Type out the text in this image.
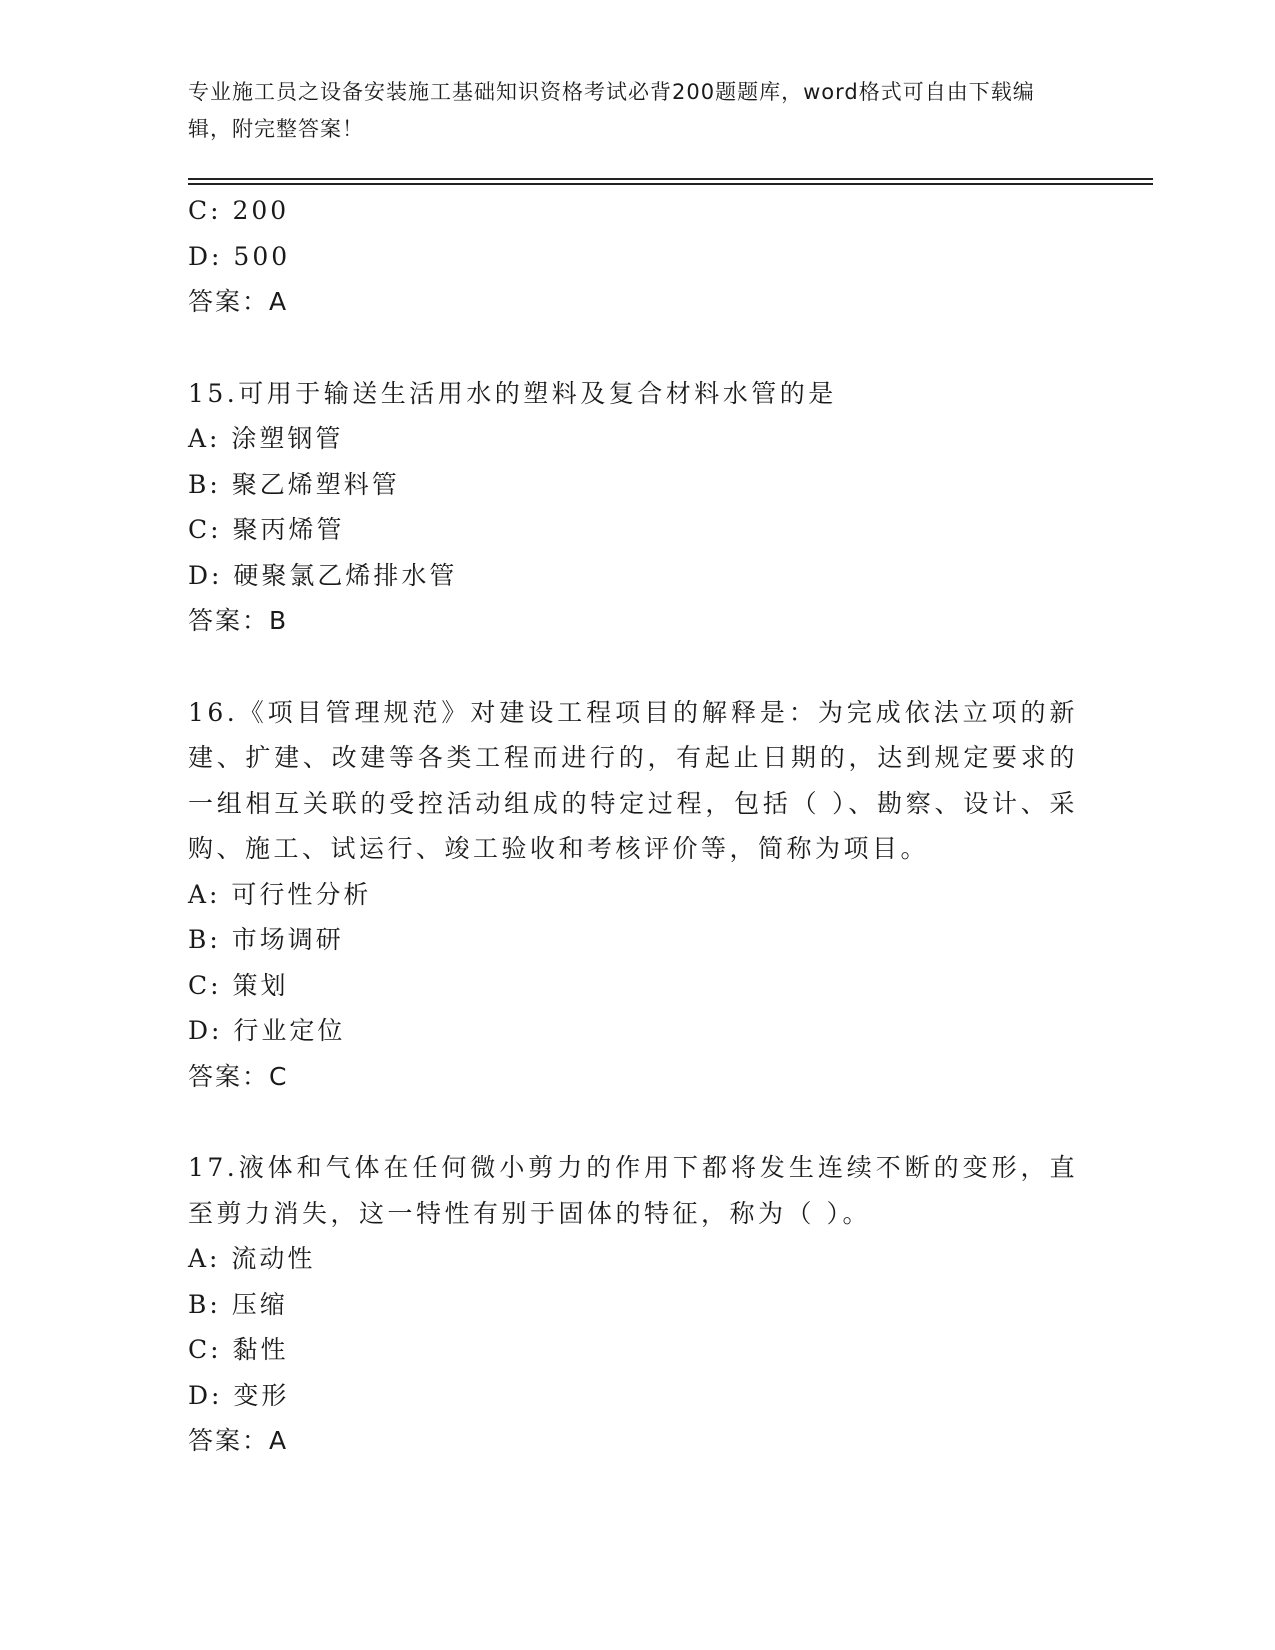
专业施工员之设备安装施工基础知识资格考试必背200题题库，word格式可自由下载编辑，附完整答案！
C: 200
D: 500
答案：A
15.可用于输送生活用水的塑料及复合材料水管的是
A: 涂塑钢管
B: 聚乙烯塑料管
C: 聚丙烯管
D: 硬聚氯乙烯排水管
答案：B
16.《项目管理规范》对建设工程项目的解释是：为完成依法立项的新建、扩建、改建等各类工程而进行的，有起止日期的，达到规定要求的一组相互关联的受控活动组成的特定过程，包括（ ）、勘察、设计、采购、施工、试运行、竣工验收和考核评价等，简称为项目。
A: 可行性分析
B: 市场调研
C: 策划
D: 行业定位
答案：C
17.液体和气体在任何微小剪力的作用下都将发生连续不断的变形，直至剪力消失，这一特性有别于固体的特征，称为（ ）。
A: 流动性
B: 压缩
C: 黏性
D: 变形
答案：A
